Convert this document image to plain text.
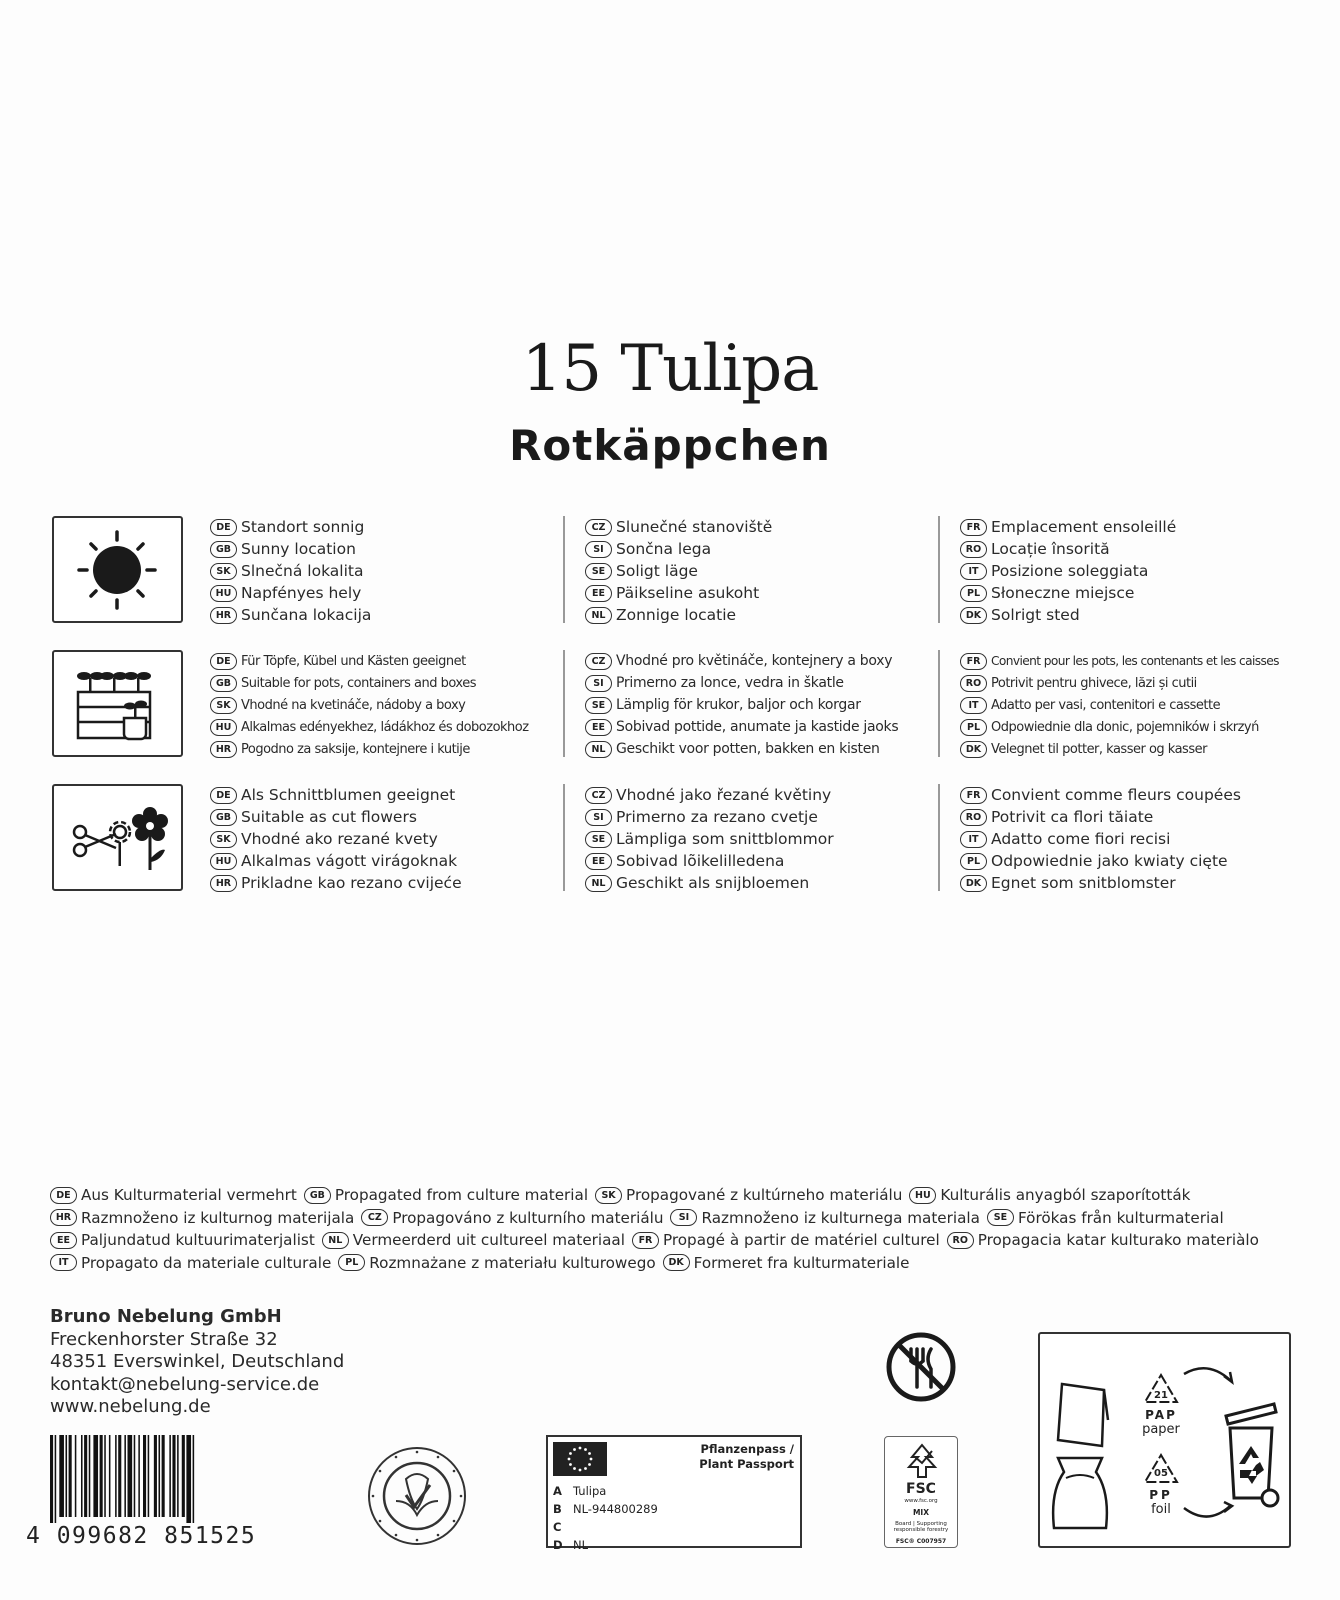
15 Tulipa
Rotkäppchen
DE Standort sonnig
GB Sunny location
SK Slnečná lokalita
HU Napfényes hely
HR Sunčana lokacija
CZ Slunečné stanoviště
SI Sončna lega
SE Soligt läge
EE Päikseline asukoht
NL Zonnige locatie
FR Emplacement ensoleillé
RO Locație însorită
IT Posizione soleggiata
PL Słoneczne miejsce
DK Solrigt sted
DE Für Töpfe, Kübel und Kästen geeignet
GB Suitable for pots, containers and boxes
SK Vhodné na kvetináče, nádoby a boxy
HU Alkalmas edényekhez, ládákhoz és dobozokhoz
HR Pogodno za saksije, kontejnere i kutije
CZ Vhodné pro květináče, kontejnery a boxy
SI Primerno za lonce, vedra in škatle
SE Lämplig för krukor, baljor och korgar
EE Sobivad pottide, anumate ja kastide jaoks
NL Geschikt voor potten, bakken en kisten
FR Convient pour les pots, les contenants et les caisses
RO Potrivit pentru ghivece, lăzi și cutii
IT Adatto per vasi, contenitori e cassette
PL Odpowiednie dla donic, pojemników i skrzyń
DK Velegnet til potter, kasser og kasser
DE Als Schnittblumen geeignet
GB Suitable as cut flowers
SK Vhodné ako rezané kvety
HU Alkalmas vágott virágoknak
HR Prikladne kao rezano cvijeće
CZ Vhodné jako řezané květiny
SI Primerno za rezano cvetje
SE Lämpliga som snittblommor
EE Sobivad lõikelilledena
NL Geschikt als snijbloemen
FR Convient comme fleurs coupées
RO Potrivit ca flori tăiate
IT Adatto come fiori recisi
PL Odpowiednie jako kwiaty cięte
DK Egnet som snitblomster
DE Aus Kulturmaterial vermehrt	GB Propagated from culture material	SK Propagované z kultúrneho materiálu	HU Kulturális anyagból szaporították
HR Razmnoženo iz kulturnog materijala	CZ Propagováno z kulturního materiálu	SI Razmnoženo iz kulturnega materiala	SE Förökas från kulturmaterial
EE Paljundatud kultuurimaterjalist	NL Vermeerderd uit cultureel materiaal	FR Propagé à partir de matériel culturel	RO Propagacia katar kulturako materiàlo
IT Propagato da materiale culturale	PL Rozmnażane z materiału kulturowego	DK Formeret fra kulturmateriale
Bruno Nebelung GmbH
Freckenhorster Straße 32
48351 Everswinkel, Deutschland
kontakt@nebelung-service.de
www.nebelung.de
4 099682 851525
Pflanzenpass /
Plant Passport
A Tulipa
B NL-944800289
C
D NL
FSC
www.fsc.org
MIX
Board | Supporting responsible forestry
FSC® C007957
21
PAP
paper
05
PP
foil
